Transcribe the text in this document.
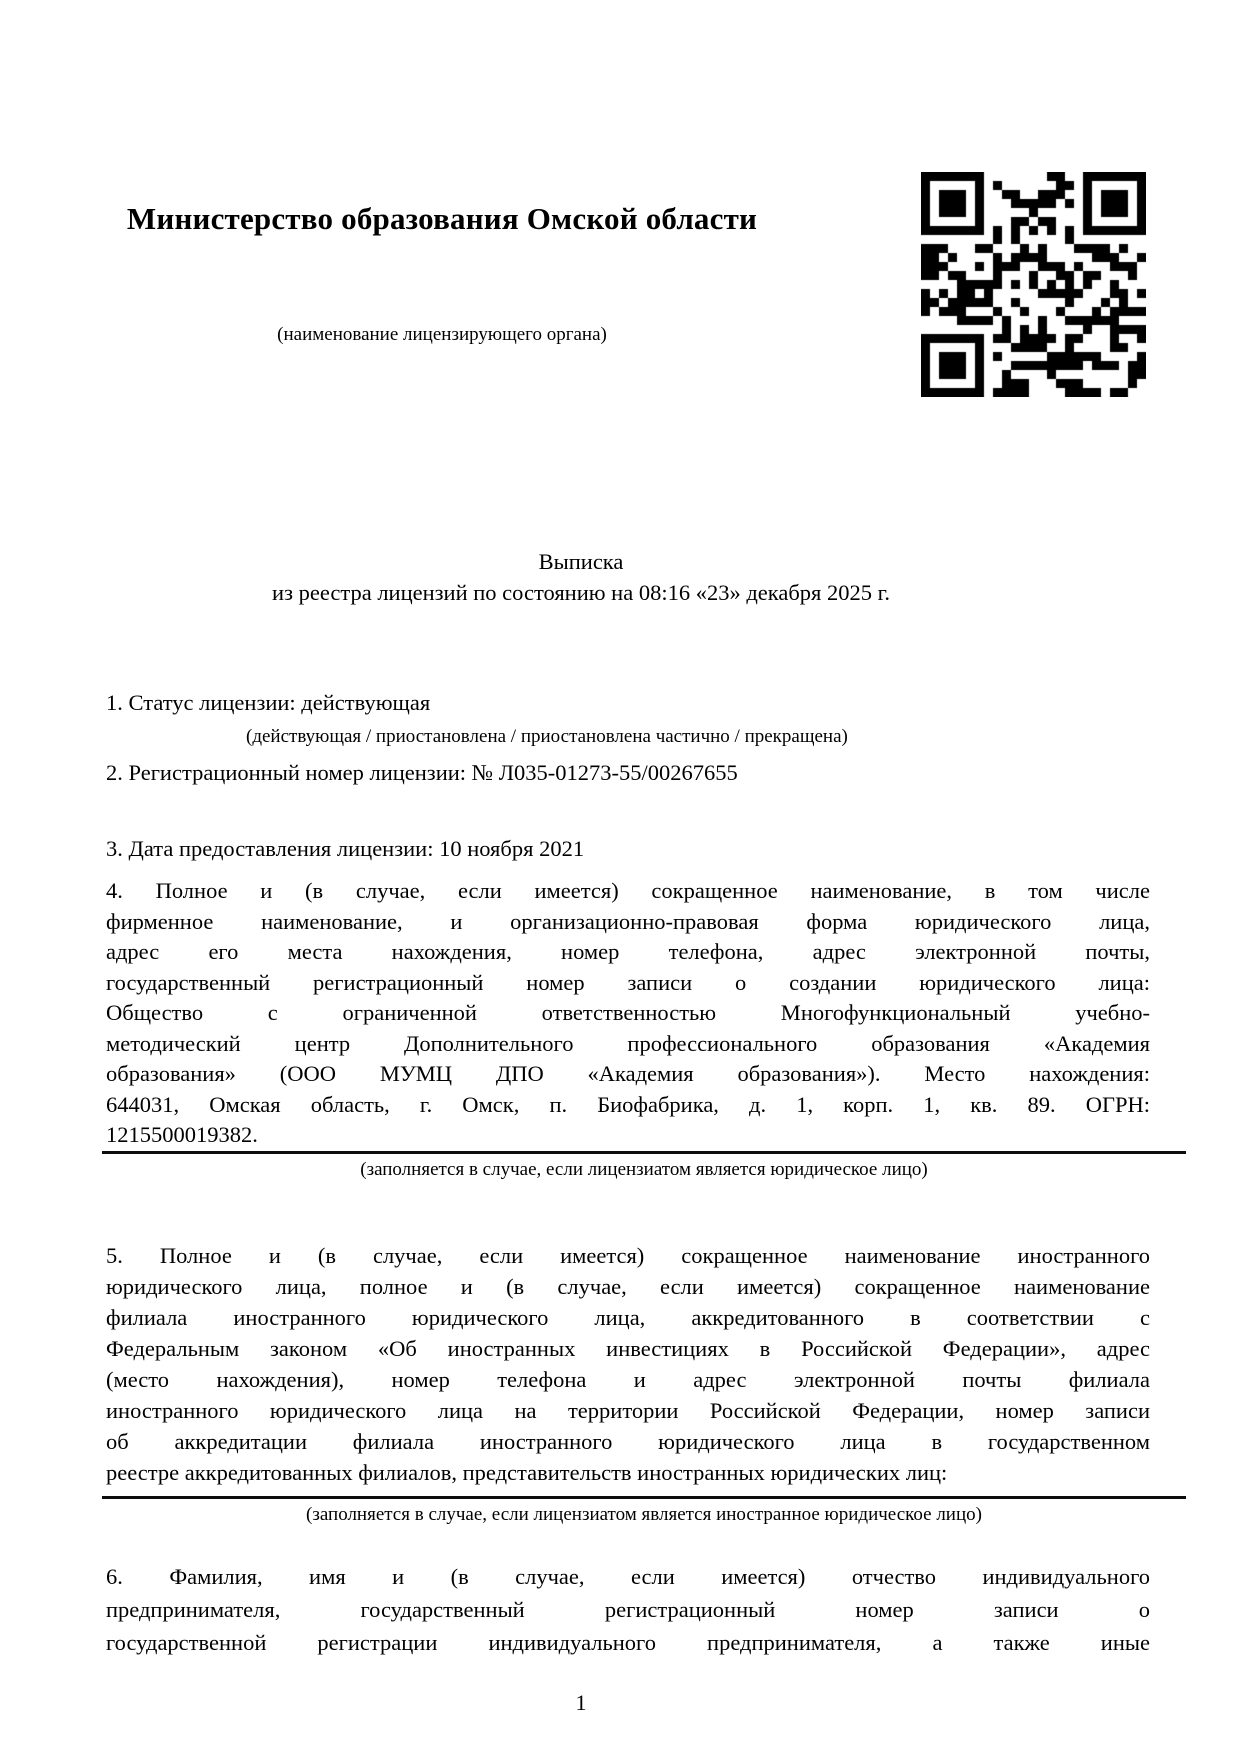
Министерство образования Омской области
(наименование лицензирующего органа)
Выписка
из реестра лицензий по состоянию на 08:16 «23» декабря 2025 г.
1. Статус лицензии: действующая
(действующая / приостановлена / приостановлена частично / прекращена)
2. Регистрационный номер лицензии: № Л035-01273-55/00267655
3. Дата предоставления лицензии: 10 ноября 2021
4. Полное и (в случае, если имеется) сокращенное наименование, в том числе
фирменное наименование, и организационно-правовая форма юридического лица,
адрес его места нахождения, номер телефона, адрес электронной почты,
государственный регистрационный номер записи о создании юридического лица:
Общество с ограниченной ответственностью Многофункциональный учебно-
методический центр Дополнительного профессионального образования «Академия
образования» (ООО МУМЦ ДПО «Академия образования»). Место нахождения:
644031, Омская область, г. Омск, п. Биофабрика, д. 1, корп. 1, кв. 89. ОГРН:
1215500019382.
(заполняется в случае, если лицензиатом является юридическое лицо)
5. Полное и (в случае, если имеется) сокращенное наименование иностранного
юридического лица, полное и (в случае, если имеется) сокращенное наименование
филиала иностранного юридического лица, аккредитованного в соответствии с
Федеральным законом «Об иностранных инвестициях в Российской Федерации», адрес
(место нахождения), номер телефона и адрес электронной почты филиала
иностранного юридического лица на территории Российской Федерации, номер записи
об аккредитации филиала иностранного юридического лица в государственном
реестре аккредитованных филиалов, представительств иностранных юридических лиц:
(заполняется в случае, если лицензиатом является иностранное юридическое лицо)
6. Фамилия, имя и (в случае, если имеется) отчество индивидуального
предпринимателя, государственный регистрационный номер записи о
государственной регистрации индивидуального предпринимателя, а также иные
1
